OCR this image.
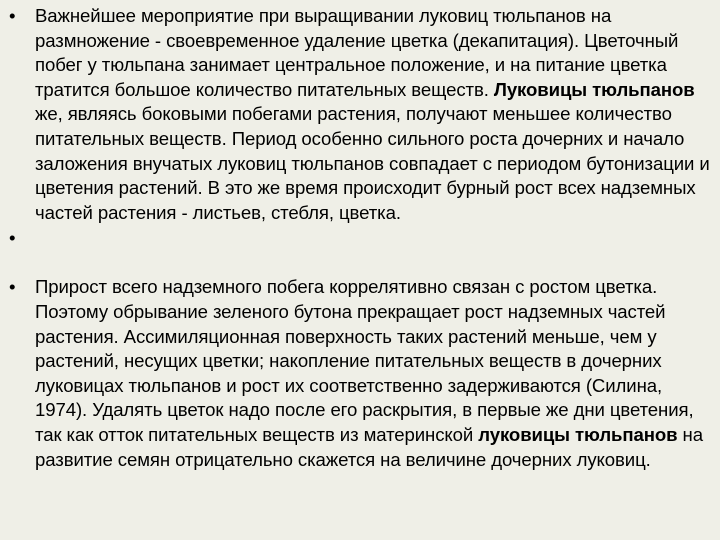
•	Важнейшее мероприятие при выращивании луковиц тюльпанов на размножение - своевременное удаление цветка (декапитация). Цветочный побег у тюльпана занимает центральное положение, и на питание цветка тратится большое количество питательных веществ. Луковицы тюльпанов же, являясь боковыми побегами растения, получают меньшее количество питательных веществ. Период особенно сильного роста дочерних и начало заложения внучатых луковиц тюльпанов совпадает с периодом бутонизации и цветения растений. В это же время происходит бурный рост всех надземных частей растения - листьев, стебля, цветка.
•
•	Прирост всего надземного побега коррелятивно связан с ростом цветка. Поэтому обрывание зеленого бутона прекращает рост надземных частей растения. Ассимиляционная поверхность таких растений меньше, чем у растений, несущих цветки; накопление питательных веществ в дочерних луковицах тюльпанов и рост их соответственно задерживаются (Силина, 1974). Удалять цветок надо после его раскрытия, в первые же дни цветения, так как отток питательных веществ из материнской луковицы тюльпанов на развитие семян отрицательно скажется на величине дочерних луковиц.
